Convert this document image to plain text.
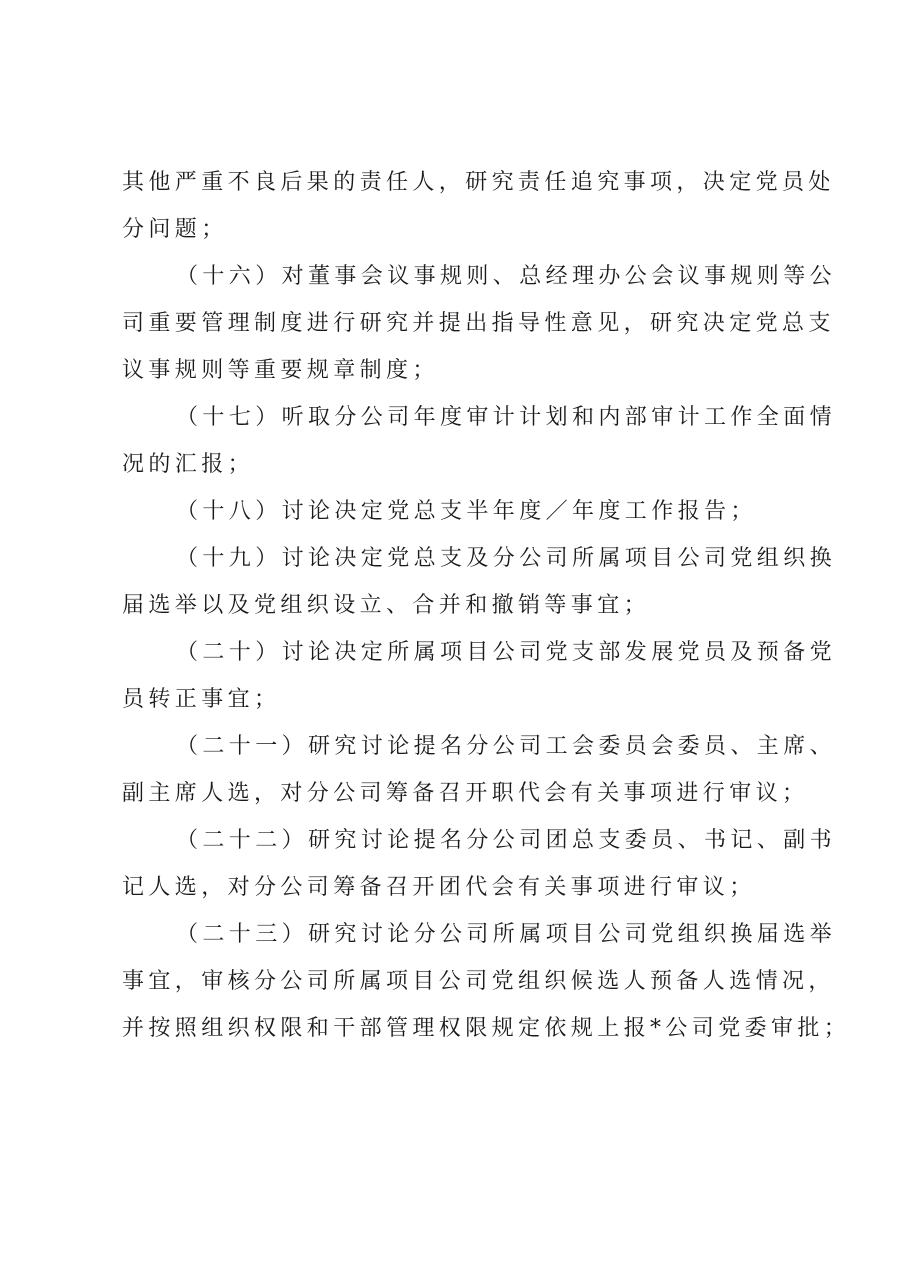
其他严重不良后果的责任人，研究责任追究事项，决定党员处
分问题；
（十六）对董事会议事规则、总经理办公会议事规则等公
司重要管理制度进行研究并提出指导性意见，研究决定党总支
议事规则等重要规章制度；
（十七）听取分公司年度审计计划和内部审计工作全面情
况的汇报；
（十八）讨论决定党总支半年度／年度工作报告；
（十九）讨论决定党总支及分公司所属项目公司党组织换
届选举以及党组织设立、合并和撤销等事宜；
（二十）讨论决定所属项目公司党支部发展党员及预备党
员转正事宜；
（二十一）研究讨论提名分公司工会委员会委员、主席、
副主席人选，对分公司筹备召开职代会有关事项进行审议；
（二十二）研究讨论提名分公司团总支委员、书记、副书
记人选，对分公司筹备召开团代会有关事项进行审议；
（二十三）研究讨论分公司所属项目公司党组织换届选举
事宜，审核分公司所属项目公司党组织候选人预备人选情况，
并按照组织权限和干部管理权限规定依规上报*公司党委审批；
